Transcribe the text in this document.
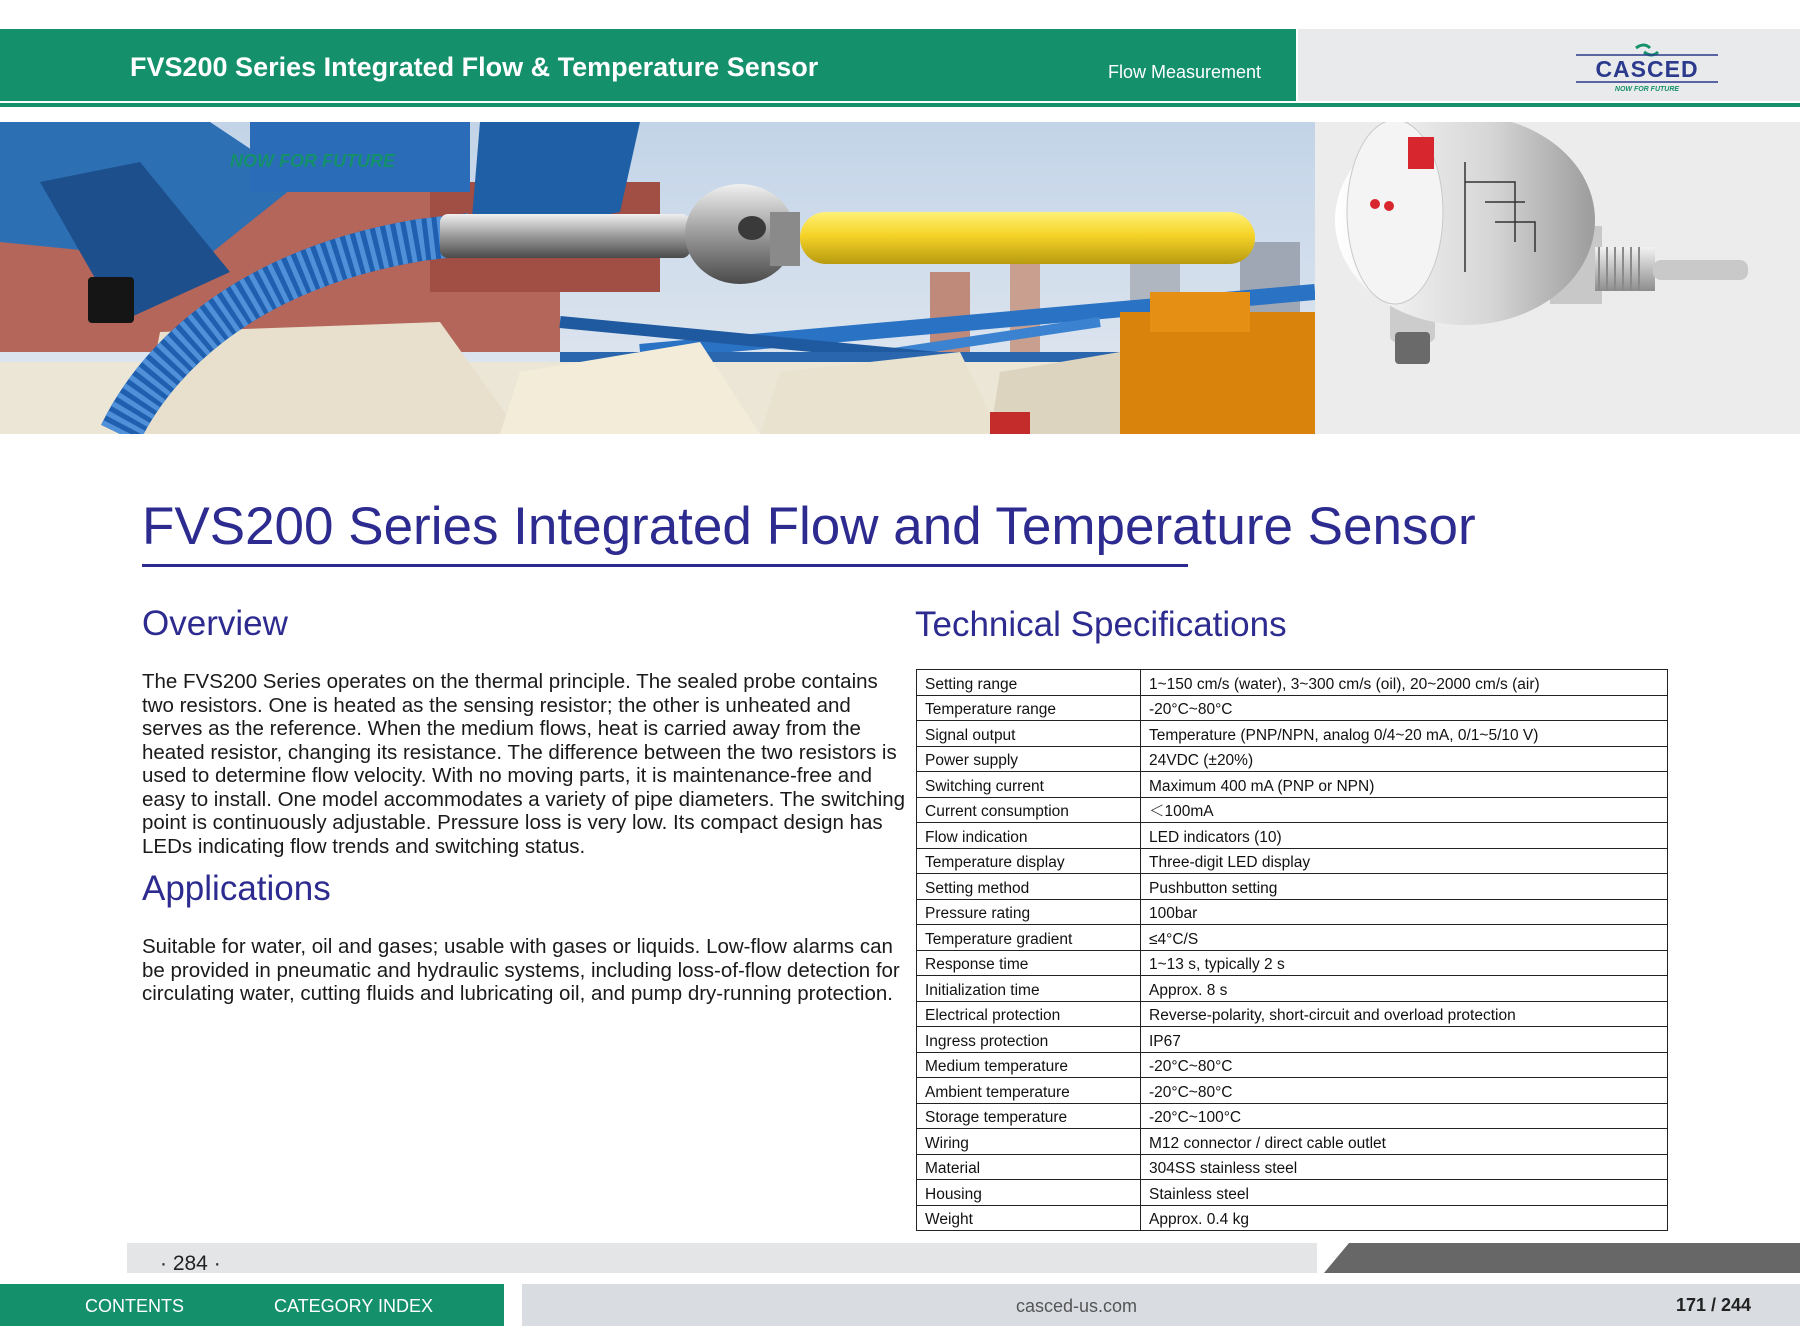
FVS200 Series Integrated Flow & Temperature Sensor	Flow Measurement	CASCED
NOW FOR FUTURE
NOW FOR FUTURE
FVS200 Series Integrated Flow and Temperature Sensor
Overview
The FVS200 Series operates on the thermal principle. The sealed probe contains two resistors. One is heated as the sensing resistor; the other is unheated and serves as the reference. When the medium flows, heat is carried away from the heated resistor, changing its resistance. The difference between the two resistors is used to determine flow velocity. With no moving parts, it is maintenance-free and easy to install. One model accommodates a variety of pipe diameters. The switching point is continuously adjustable. Pressure loss is very low. Its compact design has LEDs indicating flow trends and switching status.
Applications
Suitable for water, oil and gases; usable with gases or liquids. Low-flow alarms can be provided in pneumatic and hydraulic systems, including loss-of-flow detection for circulating water, cutting fluids and lubricating oil, and pump dry-running protection.
Technical Specifications
Setting range	1~150 cm/s (water), 3~300 cm/s (oil), 20~2000 cm/s (air)
Temperature range	-20°C~80°C
Signal output	Temperature (PNP/NPN, analog 0/4~20 mA, 0/1~5/10 V)
Power supply	24VDC (±20%)
Switching current	Maximum 400 mA (PNP or NPN)
Current consumption	＜100mA
Flow indication	LED indicators (10)
Temperature display	Three-digit LED display
Setting method	Pushbutton setting
Pressure rating	100bar
Temperature gradient	≤4°C/S
Response time	1~13 s, typically 2 s
Initialization time	Approx. 8 s
Electrical protection	Reverse-polarity, short-circuit and overload protection
Ingress protection	IP67
Medium temperature	-20°C~80°C
Ambient temperature	-20°C~80°C
Storage temperature	-20°C~100°C
Wiring	M12 connector / direct cable outlet
Material	304SS stainless steel
Housing	Stainless steel
Weight	Approx. 0.4 kg
· 284 ·
CONTENTS	CATEGORY INDEX	casced-us.com	171 / 244
